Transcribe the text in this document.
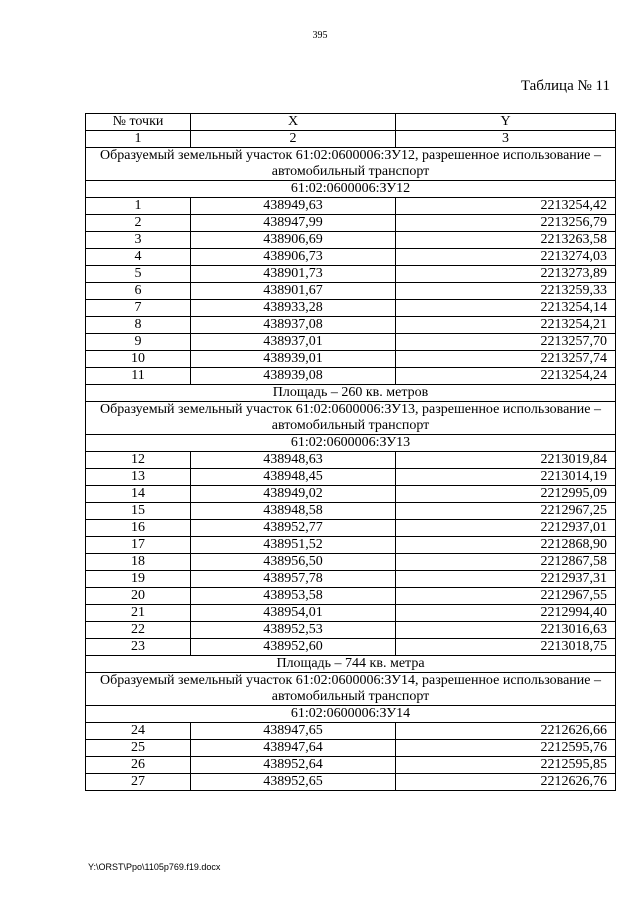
395
Таблица № 11
№ точки	X	Y
1	2	3
Образуемый земельный участок 61:02:0600006:ЗУ12, разрешенное использование – автомобильный транспорт		
61:02:0600006:ЗУ12		
1	438949,63	2213254,42
2	438947,99	2213256,79
3	438906,69	2213263,58
4	438906,73	2213274,03
5	438901,73	2213273,89
6	438901,67	2213259,33
7	438933,28	2213254,14
8	438937,08	2213254,21
9	438937,01	2213257,70
10	438939,01	2213257,74
11	438939,08	2213254,24
Площадь – 260 кв. метров		
Образуемый земельный участок 61:02:0600006:ЗУ13, разрешенное использование – автомобильный транспорт		
61:02:0600006:ЗУ13		
12	438948,63	2213019,84
13	438948,45	2213014,19
14	438949,02	2212995,09
15	438948,58	2212967,25
16	438952,77	2212937,01
17	438951,52	2212868,90
18	438956,50	2212867,58
19	438957,78	2212937,31
20	438953,58	2212967,55
21	438954,01	2212994,40
22	438952,53	2213016,63
23	438952,60	2213018,75
Площадь – 744 кв. метра		
Образуемый земельный участок 61:02:0600006:ЗУ14, разрешенное использование – автомобильный транспорт		
61:02:0600006:ЗУ14		
24	438947,65	2212626,66
25	438947,64	2212595,76
26	438952,64	2212595,85
27	438952,65	2212626,76
Y:\ORST\Ppo\1105p769.f19.docx
